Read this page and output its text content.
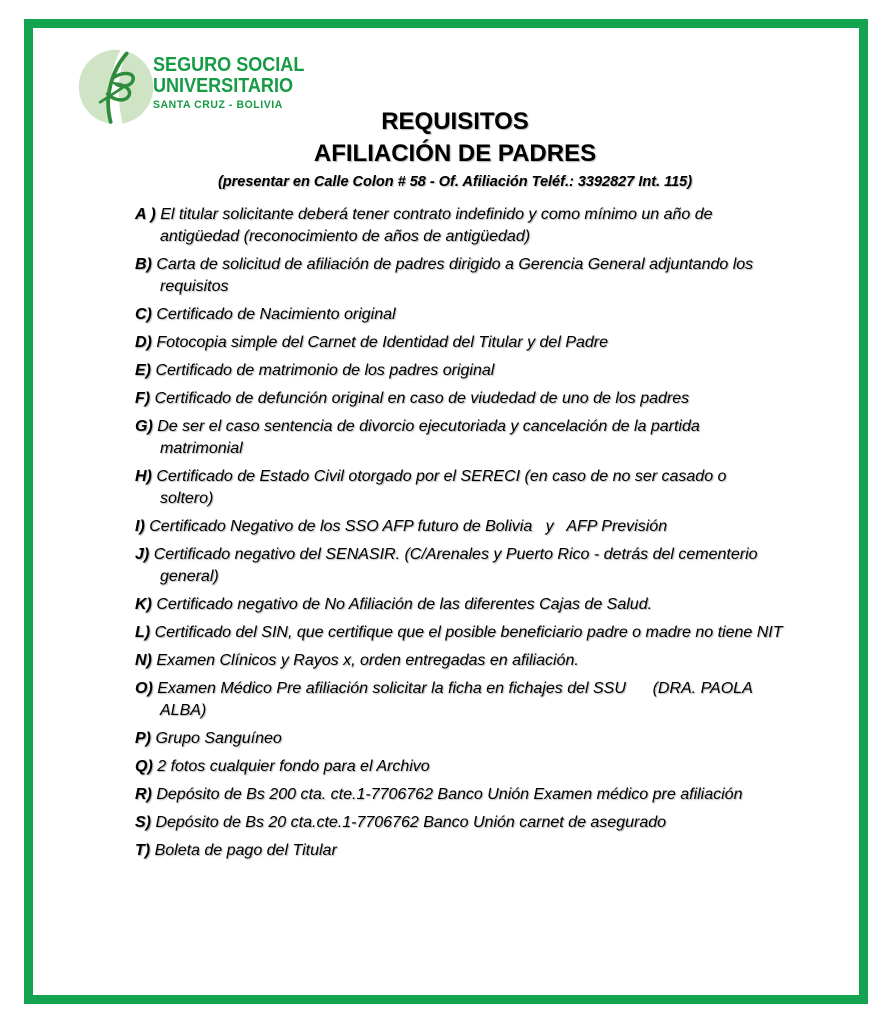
SEGURO SOCIAL
UNIVERSITARIO
SANTA CRUZ - BOLIVIA
REQUISITOS
AFILIACIÓN DE PADRES
(presentar en Calle Colon # 58 - Of. Afiliación Teléf.: 3392827 Int. 115)
A ) El titular solicitante deberá tener contrato indefinido y como mínimo un año de antigüedad (reconocimiento de años de antigüedad)
B) Carta de solicitud de afiliación de padres dirigido a Gerencia General adjuntando los requisitos
C) Certificado de Nacimiento original
D) Fotocopia simple del Carnet de Identidad del Titular y del Padre
E) Certificado de matrimonio de los padres original
F) Certificado de defunción original en caso de viudedad de uno de los padres
G) De ser el caso sentencia de divorcio ejecutoriada y cancelación de la partida matrimonial
H) Certificado de Estado Civil otorgado por el SERECI (en caso de no ser casado o soltero)
I) Certificado Negativo de los SSO AFP futuro de Bolivia   y   AFP Previsión
J) Certificado negativo del SENASIR. (C/Arenales y Puerto Rico - detrás del cementerio general)
K) Certificado negativo de No Afiliación de las diferentes Cajas de Salud.
L) Certificado del SIN, que certifique que el posible beneficiario padre o madre no tiene NIT
N) Examen Clínicos y Rayos x, orden entregadas en afiliación.
O) Examen Médico Pre afiliación solicitar la ficha en fichajes del SSU      (DRA. PAOLA ALBA)
P) Grupo Sanguíneo
Q) 2 fotos cualquier fondo para el Archivo
R) Depósito de Bs 200 cta. cte.1-7706762 Banco Unión Examen médico pre afiliación
S) Depósito de Bs 20 cta.cte.1-7706762 Banco Unión carnet de asegurado
T) Boleta de pago del Titular
